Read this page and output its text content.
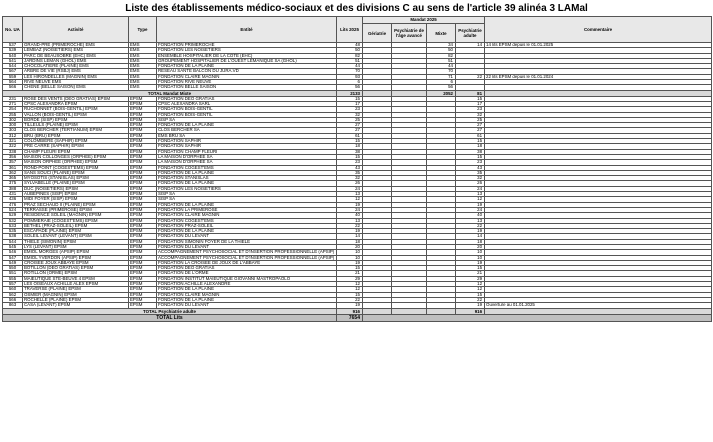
Liste des établissements médico-sociaux et des divisions C au sens de l'article 39 alinéa 3 LAMal
No. UA	Activité	Type	Entité	Lits 2025	Mandat 2025				Commentaire
					Gériatrie	Psychiatrie de l'âge avancé	Mixte	Psychiatrie adulte	
537	GRAND-PRE (PRIMEROCHE) EMS	EMS	FONDATION PRIMEROCHE	48			34	14	14 lits EPSM depuis le 01.01.2025
539	LEMBAZ (NOISETIERS) EMS	EMS	FONDATION LES NOISETIERS	50			50		
540	PARC DE BEAUSOBRE (EHC) EMS	EMS	ENSEMBLE HOSPITALIER DE LA COTE (EHC)	82			82		
541	JARDINS LEMAN (GHOL) EMS	EMS	GROUPEMENT HOSPITALIER DE L'OUEST LEMANIQUE SA (GHOL)	51			51		
544	CHOCOLATIERE (PLAINE) EMS	EMS	FONDATION DE LA PLAINE	44			44		
567	ARBRE DE VIE (RSBJ) EMS	EMS	RESEAU SANTE BALCON DU JURA.VD	70			70		
559	LES HIRONDELLES (MAGNIN) EMS	EMS	FONDATION CLAIRE MAGNIN	93			71	22	22 lits EPSM depuis le 01.01.2024
564	RIVE NEUVE EMS	EMS	FONDATION RIVE NEUVE	6			6		
566	CHENE (BELLE SAISON) EMS	EMS	FONDATION BELLE SAISON	56			56		
TOTAL Mandat Mixte				2133			2052	81	
231	ROSE DES VENTS (DEO GRATIAS) EPSM	EPSM	FONDATION DEO GRATIAS	15				15	
271	CPSC ALEXANDRA EPSM	EPSM	CPSC ALEXANDRA SARL	17				17	
254	RUCHONNET (BOIS-GENTIL) EPSM	EPSM	FONDATION BOIS-GENTIL	23				23	
255	VALLON (BOIS-GENTIL) EPSM	EPSM	FONDATION BOIS-GENTIL	32				32	
302	BORDE (SISP) EPSM	EPSM	SISP SA	25				25	
300	TILLEULS (PLAINE) EPSM	EPSM	FONDATION DE LA PLAINE	27				27	
303	CLOS BERCHER (TERTIANUM) EPSM	EPSM	CLOS BERCHER SA	27				27	
312	BRU (BRU) EPSM	EPSM	EMS BRU SA	61				61	
321	COLOMBIERE (SAPHIR) EPSM	EPSM	FONDATION SAPHIR	15				15	
322	PRE CARRE (SAPHIR) EPSM	EPSM	FONDATION SAPHIR	18				18	
338	CHAMP FLEURI EPSM	EPSM	FONDATION CHAMP FLEURI	38				38	
356	MAISON COLLONGES (ORPHEE) EPSM	EPSM	LA MAISON D'ORPHEE SA	15				15	
357	MAISON ORPHEE (ORPHEE) EPSM	EPSM	LA MAISON D'ORPHEE SA	23				23	
361	ROND-POINT (COGEST'EMS) EPSM	EPSM	FONDATION COGEST'EMS	43				43	
362	SANS SOUCI (PLAINE) EPSM	EPSM	FONDATION DE LA PLAINE	35				35	
365	MYOSOTIS (STANISLAS) EPSM	EPSM	FONDATION STANISLAS	32				32	
375	SYLVABELLE (PLAINE) EPSM	EPSM	FONDATION DE LA PLAINE	26				26	
388	DUC (NOISETIERS) EPSM	EPSM	FONDATION LES NOISETIERS	24				24	
431	AUBEPINES (SISP) EPSM	EPSM	SISP SA	13				13	
436	MIDI FOYER (SISP) EPSM	EPSM	SISP SA	12				12	
476	PRAZ SECHAUD II (PLAINE) EPSM	EPSM	FONDATION DE LA PLAINE	19				19	
524	TERRASSE (PRIMEROSE) EPSM	EPSM	FONDATION LA PRIMEROSE	24				24	
529	RESIDENCE SOLEIL (MAGNIN) EPSM	EPSM	FONDATION CLAIRE MAGNIN	40				40	
532	POMMERAIE (COGEST'EMS) EPSM	EPSM	FONDATION COGEST'EMS	13				13	
533	BETHEL (PRAZ-SOLEIL) EPSM	EPSM	FONDATION PRAZ-SOLEIL	22				22	
535	ESCAPADE (PLAINE) EPSM	EPSM	FONDATION DE LA PLAINE	19				19	
538	SOLEIL LEVANT (LEVANT) EPSM	EPSM	FONDATION DU LEVANT	14				14	
544	THIELE (SIMONIN) EPSM	EPSM	FONDATION SIMONIN FOYER DE LA THIELE	18				18	
545	LYS (LEVANT) EPSM	EPSM	FONDATION DU LEVANT	20				20	
546	EMIOL MORGES (APSIP) EPSM	EPSM	ACCOMPAGNEMENT PSYCHOSOCIAL ET D'INSERTION PROFESSIONNELLE (APSIP)	10				10	
547	EMIOL YVERDON (APSIP) EPSM	EPSM	ACCOMPAGNEMENT PSYCHOSOCIAL ET D'INSERTION PROFESSIONNELLE (APSIP)	10				10	
549	CROISEE JOUX ABBAYE EPSM	EPSM	FONDATION LA CROISEE DE JOUX DE L'ABBAYE	19				19	
550	BOTILLON (DEO GRATIAS) EPSM	EPSM	FONDATION DEO GRATIAS	15				15	
551	ROTILLON (ORME) EPSM	EPSM	FONDATION DE L'ORME	21				21	
555	MAIEUTIQUE STE-BEUVE 4 EPSM	EPSM	FONDATION INSTITUT MAIEUTIQUE GIOVANNI MASTROPAOLO	29				29	
557	LES OISEAUX ACHILLE ALEX EPSM	EPSM	FONDATION ACHILLE ALEXANDRE	12				12	
560	TRAVERSE (PLAINE) EPSM	EPSM	FONDATION DE LA PLAINE	12				12	
562	OSMIER (MAGNIN) EPSM	EPSM	FONDATION CLAIRE MAGNIN	15				15	
566	ROCHELLE (PLAINE) EPSM	EPSM	FONDATION DE LA PLAINE	22				22	
863	CASA (LEVANT) EPSM	EPSM	FONDATION DU LEVANT	19				19	Ouverture au 01.01.2025
TOTAL Psychiatrie adulte				916				916	
TOTAL Lits				7654					
